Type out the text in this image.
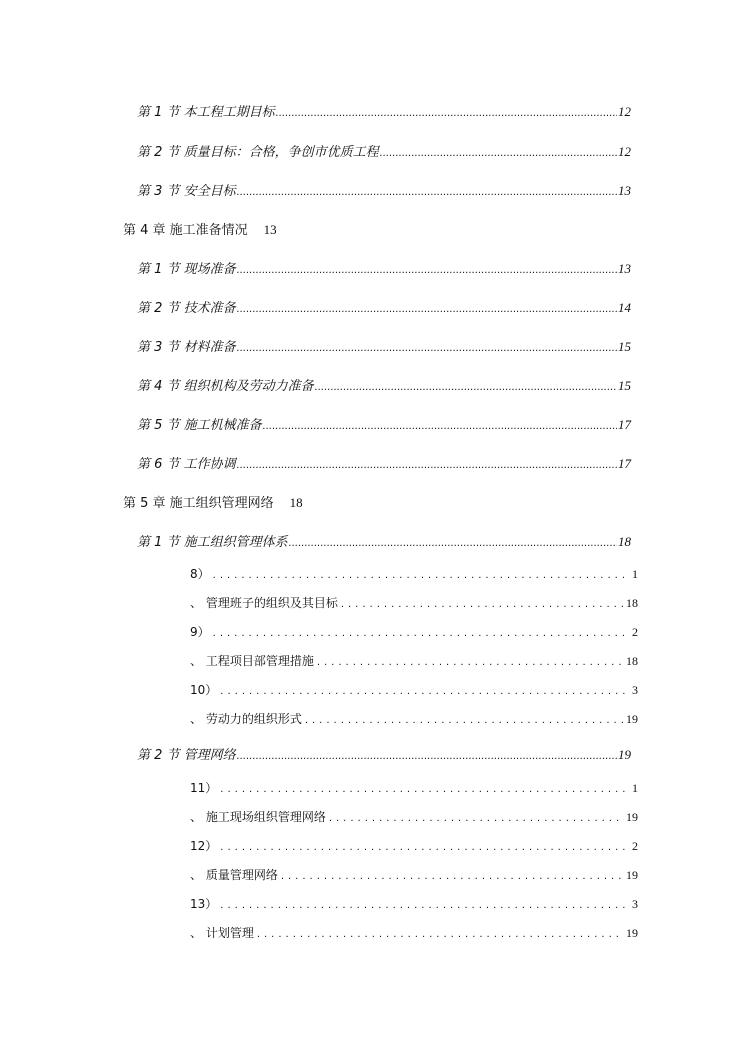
第 1 节 本工程工期目标 .....	12
第 2 节 质量目标：合格，争创市优质工程 .....	12
第 3 节 安全目标 .....	13
第 4 章 施工准备情况 13
第 1 节 现场准备 .....	13
第 2 节 技术准备 .....	14
第 3 节 材料准备 .....	15
第 4 节 组织机构及劳动力准备 .....	15
第 5 节 施工机械准备 .....	17
第 6 节 工作协调 .....	17
第 5 章 施工组织管理网络 18
第 1 节 施工组织管理体系 .....	18
8） .....	1
、 管理班子的组织及其目标 .....	18
9） .....	2
、 工程项目部管理措施 .....	18
10） .....	3
、 劳动力的组织形式 .....	19
第 2 节 管理网络 .....	19
11） .....	1
、 施工现场组织管理网络 .....	19
12） .....	2
、 质量管理网络 .....	19
13） .....	3
、 计划管理 .....	19
